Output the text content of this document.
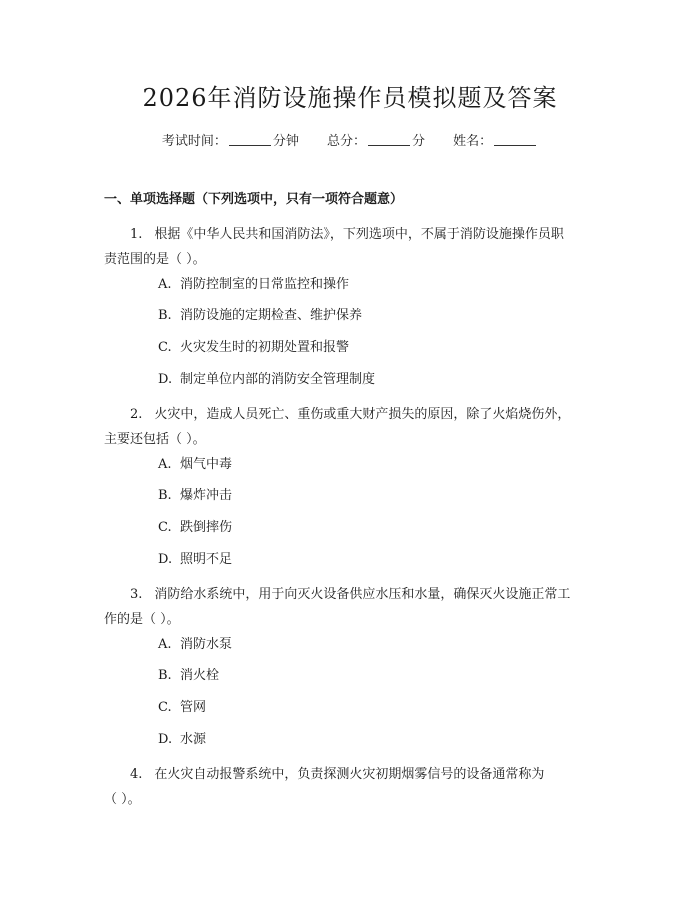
2026年消防设施操作员模拟题及答案
考试时间：	分钟 总分：	分 姓名：
一、单项选择题（下列选项中，只有一项符合题意）
1. 根据《中华人民共和国消防法》，下列选项中，不属于消防设施操作员职
责范围的是（ ）。
A. 消防控制室的日常监控和操作
B. 消防设施的定期检查、维护保养
C. 火灾发生时的初期处置和报警
D. 制定单位内部的消防安全管理制度
2. 火灾中，造成人员死亡、重伤或重大财产损失的原因，除了火焰烧伤外，
主要还包括（ ）。
A. 烟气中毒
B. 爆炸冲击
C. 跌倒摔伤
D. 照明不足
3. 消防给水系统中，用于向灭火设备供应水压和水量，确保灭火设施正常工
作的是（ ）。
A. 消防水泵
B. 消火栓
C. 管网
D. 水源
4. 在火灾自动报警系统中，负责探测火灾初期烟雾信号的设备通常称为
（ ）。
